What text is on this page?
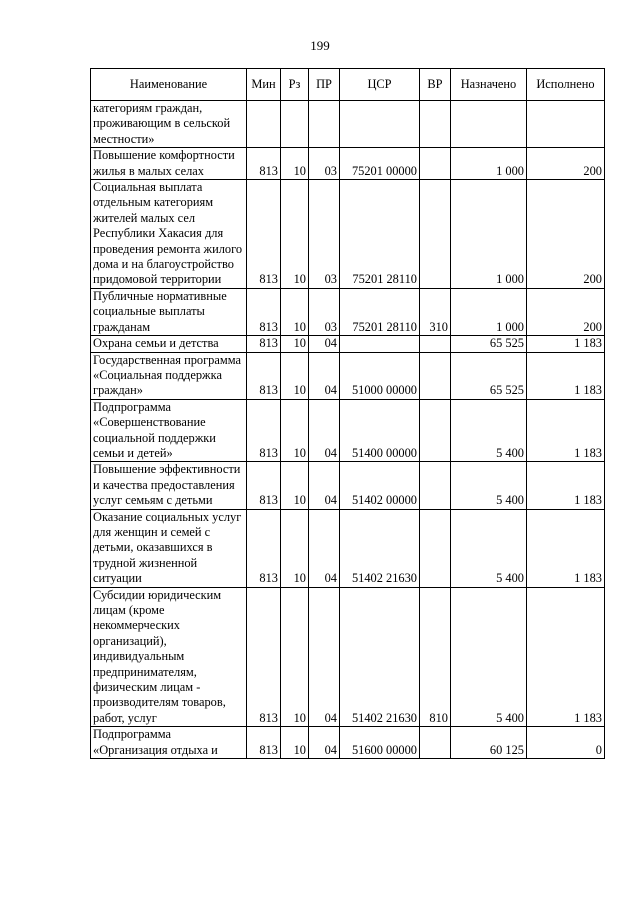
199
Наименование	Мин	Рз	ПР	ЦСР	ВР	Назначено	Исполнено
категориям граждан, проживающим в сельской местности»							
Повышение комфортности жилья в малых селах	813	10	03	75201 00000		1 000	200
Социальная выплата отдельным категориям жителей малых сел Республики Хакасия для проведения ремонта жилого дома и на благоустройство придомовой территории	813	10	03	75201 28110		1 000	200
Публичные нормативные социальные выплаты гражданам	813	10	03	75201 28110	310	1 000	200
Охрана семьи и детства	813	10	04			65 525	1 183
Государственная программа «Социальная поддержка граждан»	813	10	04	51000 00000		65 525	1 183
Подпрограмма «Совершенствование социальной поддержки семьи и детей»	813	10	04	51400 00000		5 400	1 183
Повышение эффективности и качества предоставления услуг семьям с детьми	813	10	04	51402 00000		5 400	1 183
Оказание социальных услуг для женщин и семей с детьми, оказавшихся в трудной жизненной ситуации	813	10	04	51402 21630		5 400	1 183
Субсидии юридическим лицам (кроме некоммерческих организаций), индивидуальным предпринимателям, физическим лицам - производителям товаров, работ, услуг	813	10	04	51402 21630	810	5 400	1 183
Подпрограмма «Организация отдыха и	813	10	04	51600 00000		60 125	0
